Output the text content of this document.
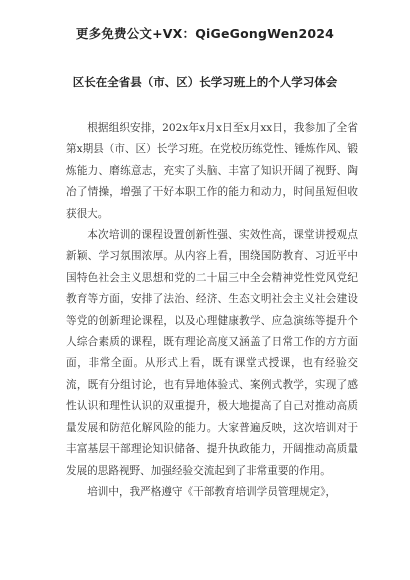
更多免费公文+VX：QiGeGongWen2024
区长在全省县（市、区）长学习班上的个人学习体会

根据组织安排，202x年x月x日至x月xx日，我参加了全省第x期县（市、区）长学习班。在党校历练党性、锤炼作风、锻炼能力、磨练意志，充实了头脑、丰富了知识开阔了视野、陶冶了情操，增强了干好本职工作的能力和动力，时间虽短但收获很大。

本次培训的课程设置创新性强、实效性高，课堂讲授观点新颖、学习氛围浓厚。从内容上看，围绕国防教育、习近平中国特色社会主义思想和党的二十届三中全会精神党性党风党纪教育等方面，安排了法治、经济、生态文明社会主义社会建设等党的创新理论课程，以及心理健康教学、应急演练等提升个人综合素质的课程，既有理论高度又涵盖了日常工作的方方面面，非常全面。从形式上看，既有课堂式授课，也有经验交流，既有分组讨论，也有异地体验式、案例式教学，实现了感性认识和理性认识的双重提升，极大地提高了自己对推动高质量发展和防范化解风险的能力。大家普遍反映，这次培训对于丰富基层干部理论知识储备、提升执政能力，开阔推动高质量发展的思路视野、加强经验交流起到了非常重要的作用。

培训中，我严格遵守《干部教育培训学员管理规定》，
